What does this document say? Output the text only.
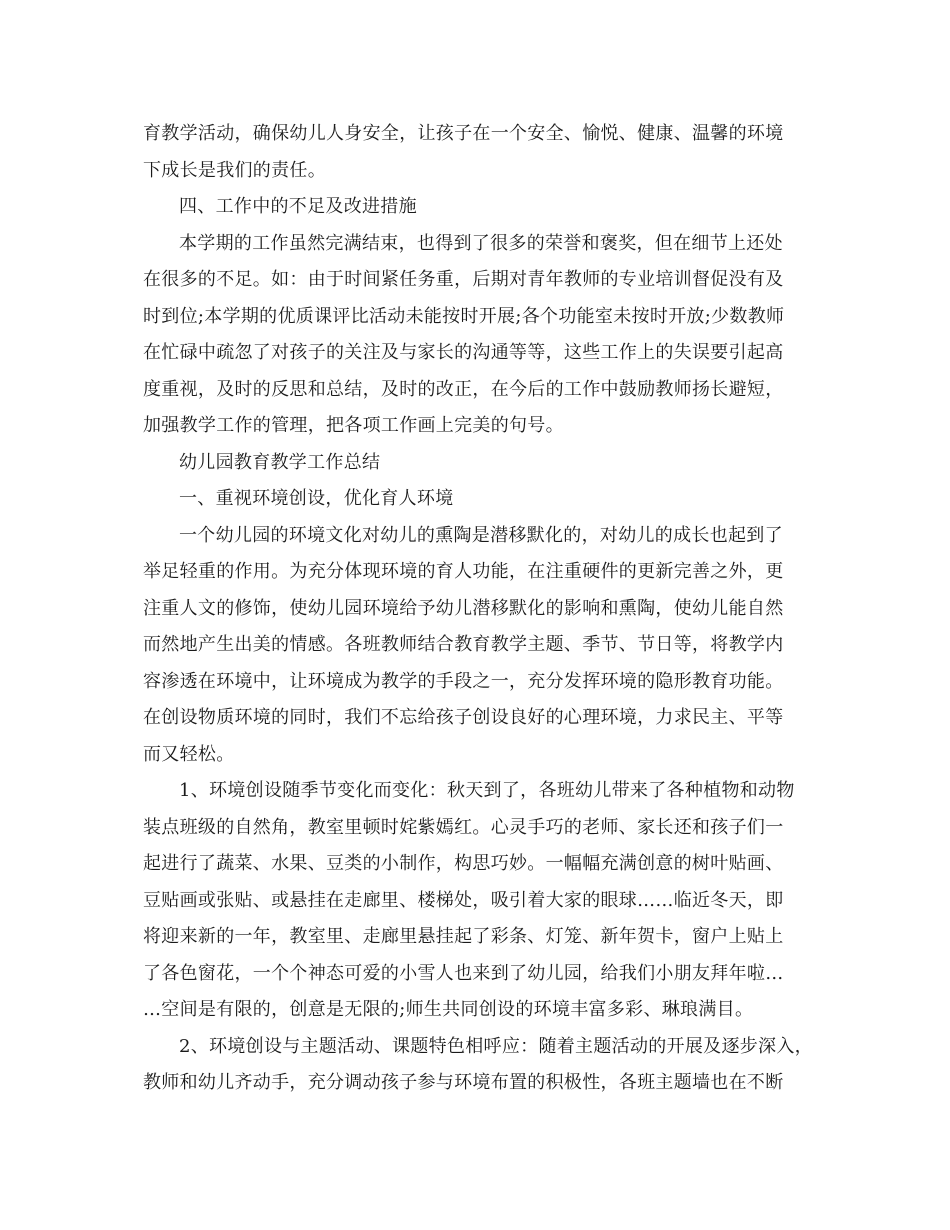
育教学活动，确保幼儿人身安全，让孩子在一个安全、愉悦、健康、温馨的环境
下成长是我们的责任。
四、工作中的不足及改进措施
本学期的工作虽然完满结束，也得到了很多的荣誉和褒奖，但在细节上还处
在很多的不足。如：由于时间紧任务重，后期对青年教师的专业培训督促没有及
时到位;本学期的优质课评比活动未能按时开展;各个功能室未按时开放;少数教师
在忙碌中疏忽了对孩子的关注及与家长的沟通等等，这些工作上的失误要引起高
度重视，及时的反思和总结，及时的改正，在今后的工作中鼓励教师扬长避短，
加强教学工作的管理，把各项工作画上完美的句号。
幼儿园教育教学工作总结
一、重视环境创设，优化育人环境
一个幼儿园的环境文化对幼儿的熏陶是潜移默化的，对幼儿的成长也起到了
举足轻重的作用。为充分体现环境的育人功能，在注重硬件的更新完善之外，更
注重人文的修饰，使幼儿园环境给予幼儿潜移默化的影响和熏陶，使幼儿能自然
而然地产生出美的情感。各班教师结合教育教学主题、季节、节日等，将教学内
容渗透在环境中，让环境成为教学的手段之一，充分发挥环境的隐形教育功能。
在创设物质环境的同时，我们不忘给孩子创设良好的心理环境，力求民主、平等
而又轻松。
1、环境创设随季节变化而变化：秋天到了，各班幼儿带来了各种植物和动物
装点班级的自然角，教室里顿时姹紫嫣红。心灵手巧的老师、家长还和孩子们一
起进行了蔬菜、水果、豆类的小制作，构思巧妙。一幅幅充满创意的树叶贴画、
豆贴画或张贴、或悬挂在走廊里、楼梯处，吸引着大家的眼球……临近冬天，即
将迎来新的一年，教室里、走廊里悬挂起了彩条、灯笼、新年贺卡，窗户上贴上
了各色窗花，一个个神态可爱的小雪人也来到了幼儿园，给我们小朋友拜年啦…
…空间是有限的，创意是无限的;师生共同创设的环境丰富多彩、琳琅满目。
2、环境创设与主题活动、课题特色相呼应：随着主题活动的开展及逐步深入，
教师和幼儿齐动手，充分调动孩子参与环境布置的积极性，各班主题墙也在不断
